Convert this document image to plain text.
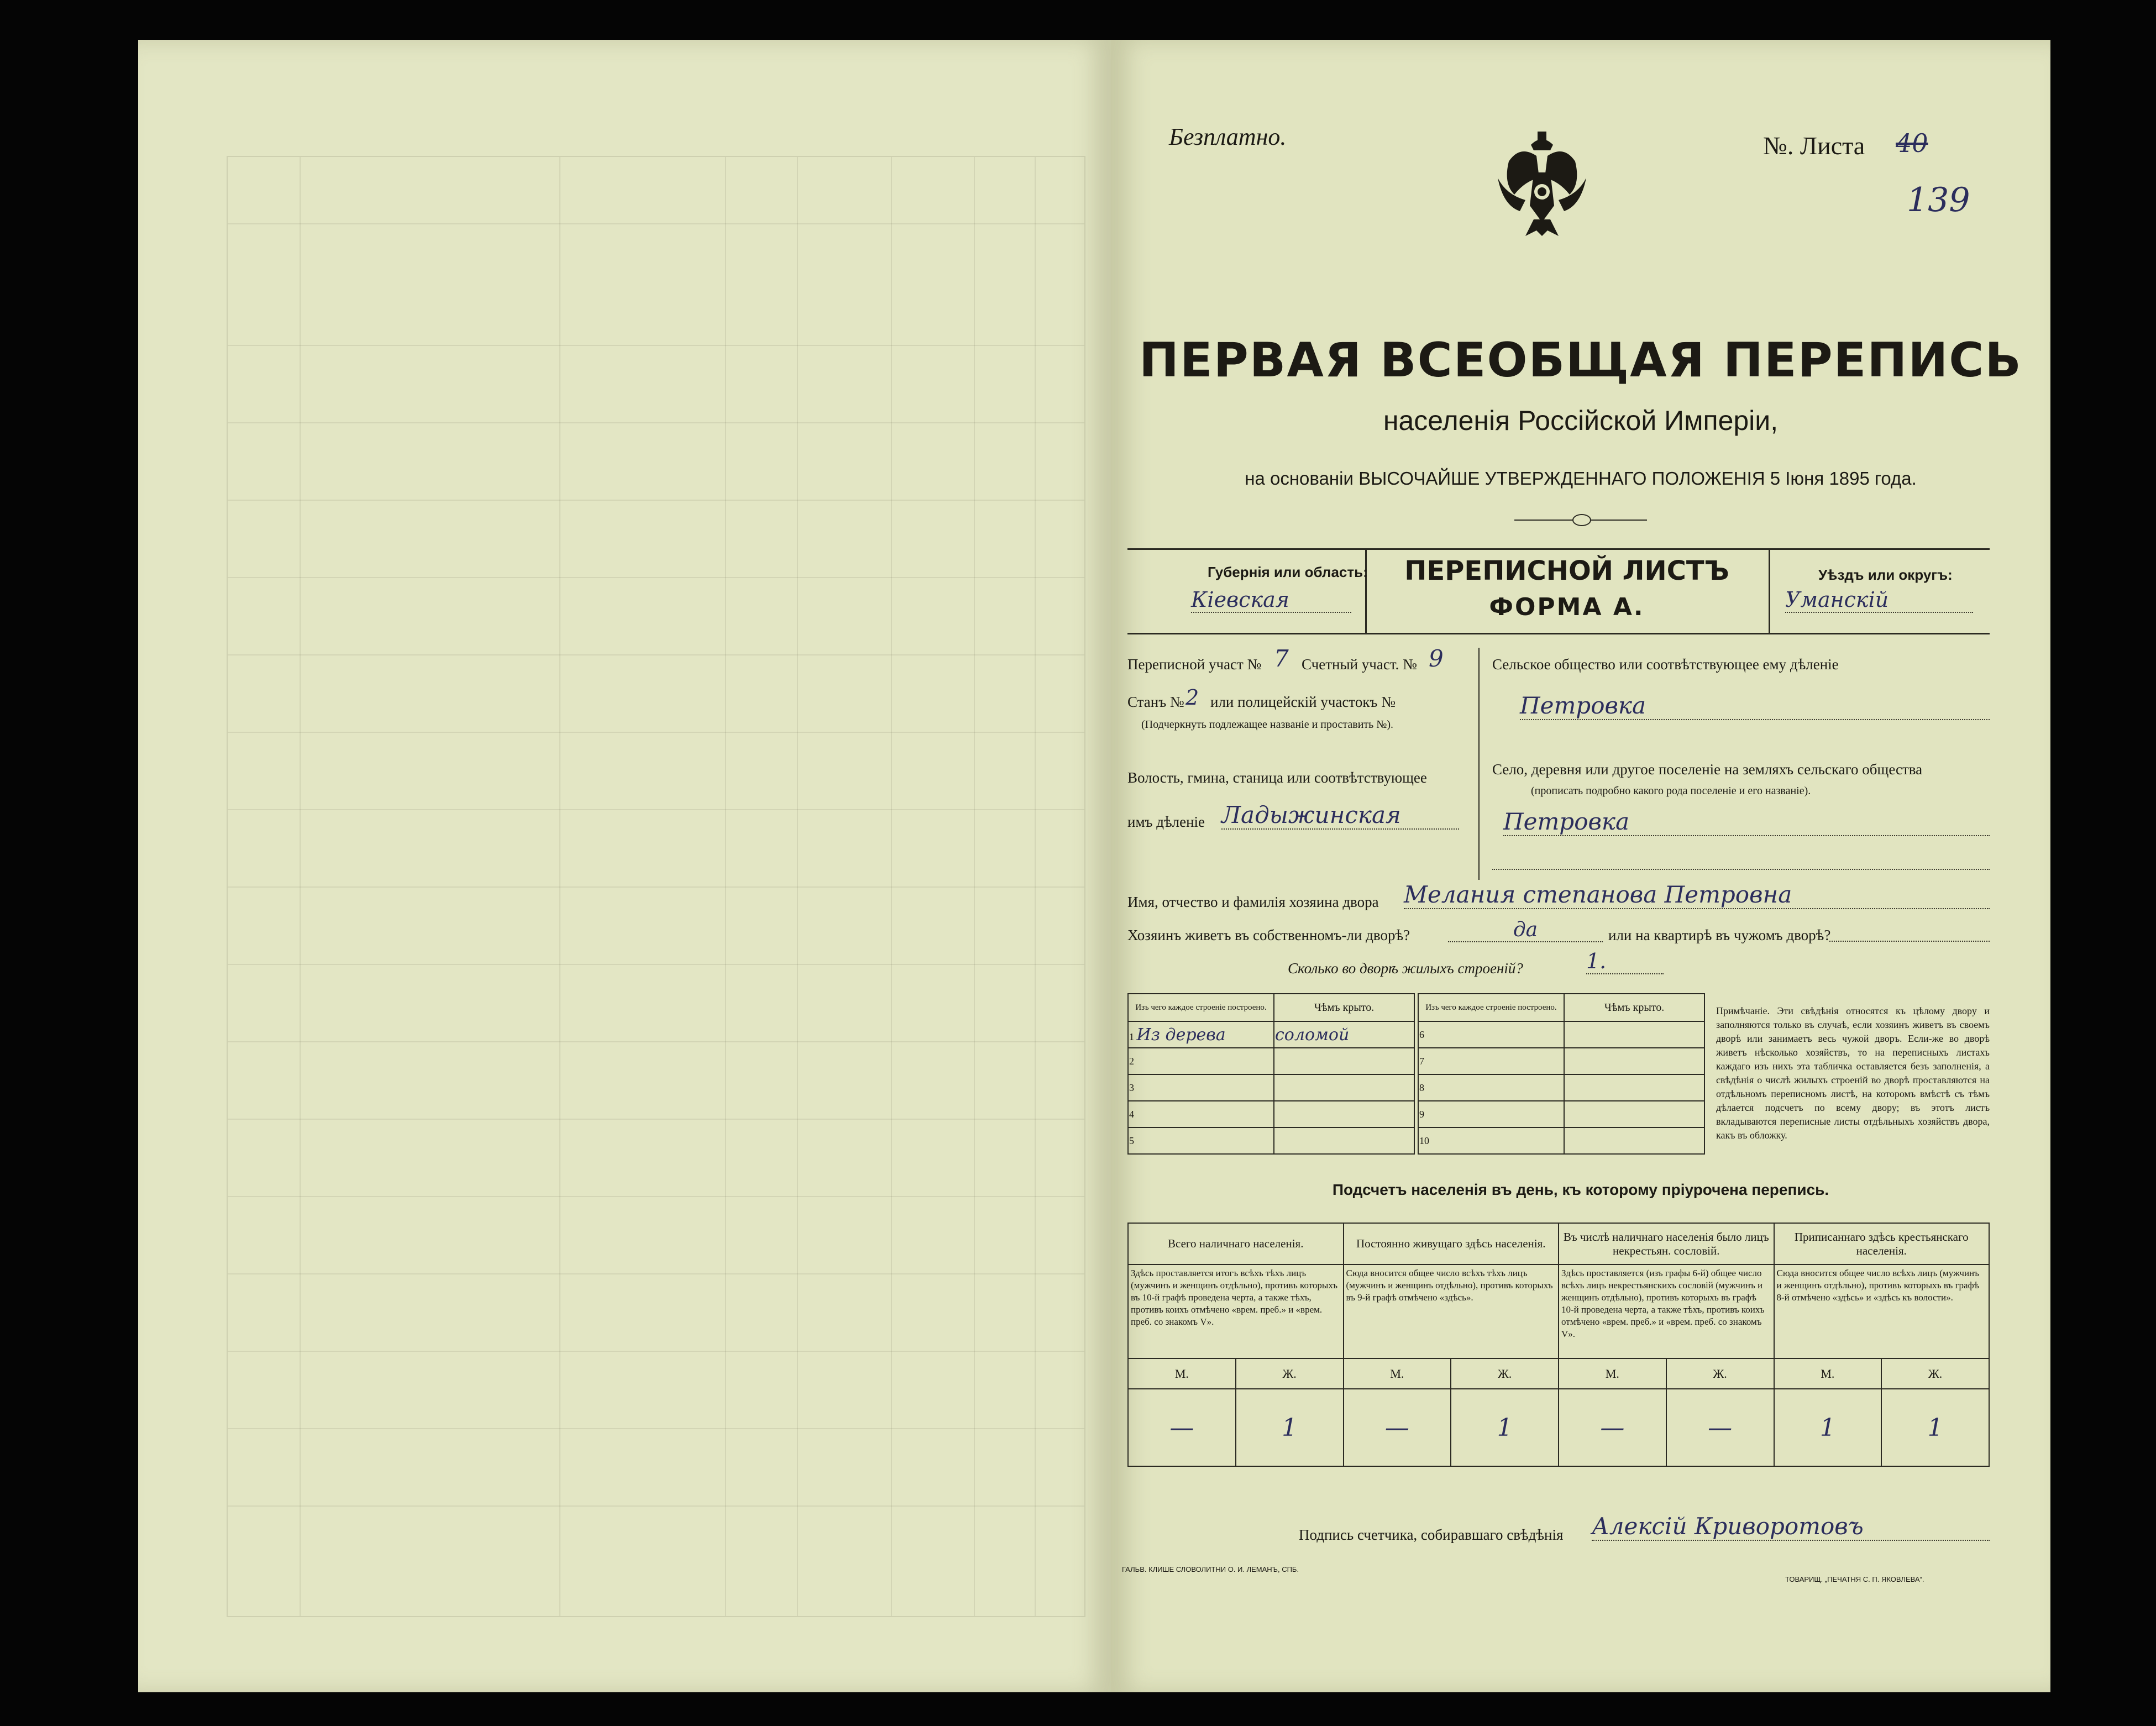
Безплатно.	№. Листа 40
139
ПЕРВАЯ ВСЕОБЩАЯ ПЕРЕПИСЬ
населенія Россійской Имперіи,
на основаніи ВЫСОЧАЙШЕ УТВЕРЖДЕННАГО ПОЛОЖЕНІЯ 5 Іюня 1895 года.
Губернія или область:
Кіевская
ПЕРЕПИСНОЙ ЛИСТЪ
ФОРМА А.
Уѣздъ или округъ:
Уманскій
Переписной участ № 7 Счетный участ. № 9
Станъ № 2 или полицейскій участокъ №
(Подчеркнуть подлежащее названіе и проставить №).
Волость, гмина, станица или соотвѣтствующее
имъ дѣленіе Ладыжинская
Сельское общество или соотвѣтствующее ему дѣленіе
Петровка
Село, деревня или другое поселеніе на земляхъ сельскаго общества
(прописать подробно какого рода поселеніе и его названіе).
Петровка
Имя, отчество и фамилія хозяина двора Мелания степанова Петровна
Хозяинъ живетъ въ собственномъ-ли дворѣ?	да	или на квартирѣ въ чужомъ дворѣ?
Сколько во дворѣ жилыхъ строеній?	1.
Изъ чего каждое строеніе построено.	Чѣмъ крыто.
1 Из дерева	соломой
2	
3	
4	
5	
Изъ чего каждое строеніе построено.	Чѣмъ крыто.
6	
7	
8	
9	
10	
Примѣчаніе. Эти свѣдѣнія относятся къ цѣлому двору и заполняются только въ случаѣ, если хозяинъ живетъ въ своемъ дворѣ или занимаетъ весь чужой дворъ. Если-же во дворѣ живетъ нѣсколько хозяйствъ, то на переписныхъ листахъ каждаго изъ нихъ эта табличка оставляется безъ заполненія, а свѣдѣнія о числѣ жилыхъ строеній во дворѣ проставляются на отдѣльномъ переписномъ листѣ, на которомъ вмѣстѣ съ тѣмъ дѣлается подсчетъ по всему двору; въ этотъ листъ вкладываются переписные листы отдѣльныхъ хозяйствъ двора, какъ въ обложку.
Подсчетъ населенія въ день, къ которому пріурочена перепись.
Всего наличнаго населенія.		Постоянно живущаго здѣсь населенія.		Въ числѣ наличнаго населенія было лицъ некрестьян. сословій.		Приписаннаго здѣсь крестьянскаго населенія.	
Здѣсь проставляется итогъ всѣхъ тѣхъ лицъ (мужчинъ и женщинъ отдѣльно), противъ которыхъ въ 10-й графѣ проведена черта, а также тѣхъ, противъ коихъ отмѣчено «врем. преб.» и «врем. преб. со знакомъ V».		Сюда вносится общее число всѣхъ тѣхъ лицъ (мужчинъ и женщинъ отдѣльно), противъ которыхъ въ 9-й графѣ отмѣчено «здѣсь».		Здѣсь проставляется (изъ графы 6-й) общее число всѣхъ лицъ некрестьянскихъ сословій (мужчинъ и женщинъ отдѣльно), противъ которыхъ въ графѣ 10-й проведена черта, а также тѣхъ, противъ коихъ отмѣчено «врем. преб.» и «врем. преб. со знакомъ V».		Сюда вносится общее число всѣхъ лицъ (мужчинъ и женщинъ отдѣльно), противъ которыхъ въ графѣ 8-й отмѣчено «здѣсь» и «здѣсь къ волости».	
М.	Ж.	М.	Ж.	М.	Ж.	М.	Ж.
—	1	—	1	—	—	1	1
Подпись счетчика, собиравшаго свѣдѣнія Алексій Криворотовъ
ГАЛЬВ. КЛИШЕ СЛОВОЛИТНИ О. И. ЛЕМАНЪ, СПБ.
ТОВАРИЩ. „ПЕЧАТНЯ С. П. ЯКОВЛЕВА“.
